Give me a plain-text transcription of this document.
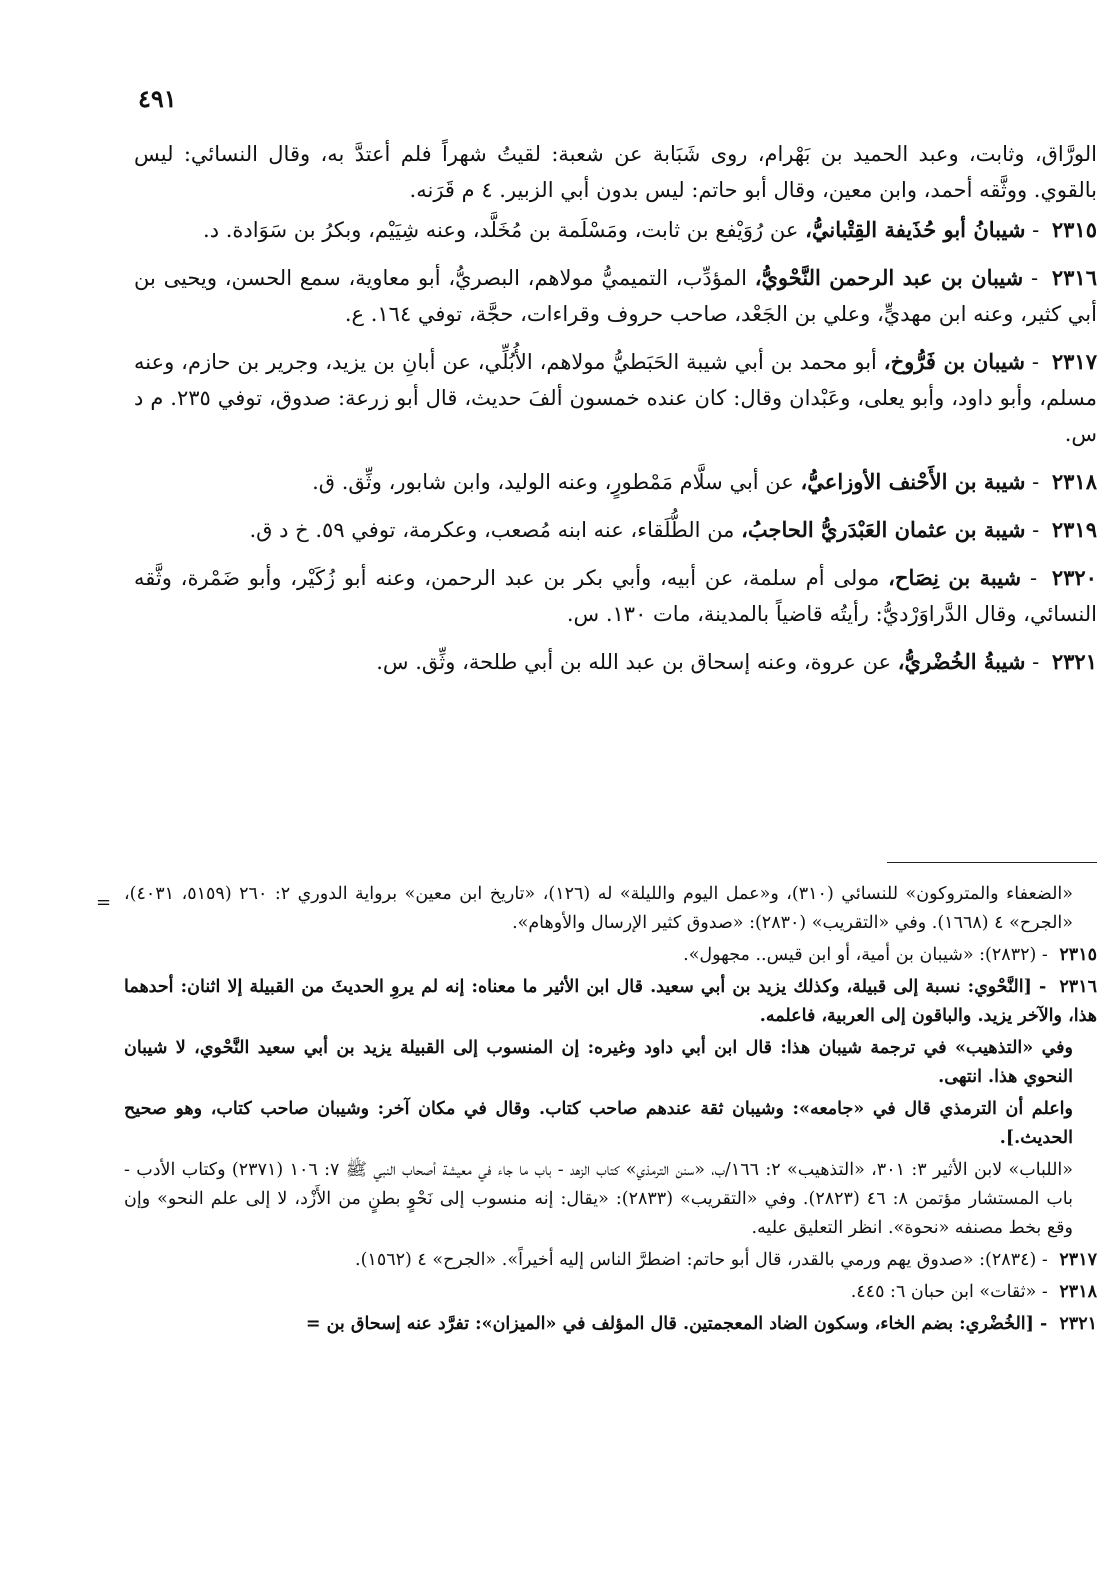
٤٩١

الورَّاق، وثابت، وعبد الحميد بن بَهْرام، روى شَبَابة عن شعبة: لقيتُ شهراً فلم أعتدَّ به، وقال النسائي: ليس بالقوي. ووثَّقه أحمد، وابن معين، وقال أبو حاتم: ليس بدون أبي الزبير. ٤ م قَرَنه.

٢٣١٥ - شيبانُ أبو حُذَيفة القِتْبانيُّ، عن رُوَيْفع بن ثابت، ومَسْلَمة بن مُخَلَّد، وعنه شِيَيْم، وبكرُ بن سَوَادة. د.

٢٣١٦ - شيبان بن عبد الرحمن النَّحْويُّ، المؤدِّب، التميميُّ مولاهم، البصريُّ، أبو معاوية، سمع الحسن، ويحيى بن أبي كثير، وعنه ابن مهديٍّ، وعلي بن الجَعْد، صاحب حروف وقراءات، حجَّة، توفي ١٦٤. ع.

٢٣١٧ - شيبان بن فَرُّوخ، أبو محمد بن أبي شيبة الحَبَطيُّ مولاهم، الأُبُلِّي، عن أبانِ بن يزيد، وجرير بن حازم، وعنه مسلم، وأبو داود، وأبو يعلى، وعَبْدان وقال: كان عنده خمسون ألفَ حديث، قال أبو زرعة: صدوق، توفي ٢٣٥. م د س.

٢٣١٨ - شيبة بن الأَحْنف الأوزاعيُّ، عن أبي سلَّام مَمْطورٍ، وعنه الوليد، وابن شابور، وثِّق. ق.

٢٣١٩ - شيبة بن عثمان العَبْدَريُّ الحاجبُ، من الطُّلَقاء، عنه ابنه مُصعب، وعكرمة، توفي ٥٩. خ د ق.

٢٣٢٠ - شيبة بن نِصَاح، مولى أم سلمة، عن أبيه، وأبي بكر بن عبد الرحمن، وعنه أبو زُكَيْر، وأبو ضَمْرة، وثَّقه النسائي، وقال الدَّراوَرْديُّ: رأيتُه قاضياً بالمدينة، مات ١٣٠. س.

٢٣٢١ - شيبةُ الخُضْريُّ، عن عروة، وعنه إسحاق بن عبد الله بن أبي طلحة، وثِّق. س.

= «الضعفاء والمتروكون» للنسائي (٣١٠)، و«عمل اليوم والليلة» له (١٢٦)، «تاريخ ابن معين» برواية الدوري ٢: ٢٦٠ (٥١٥٩، ٤٠٣١)، «الجرح» ٤ (١٦٦٨). وفي «التقريب» (٢٨٣٠): «صدوق كثير الإرسال والأوهام».

٢٣١٥ - (٢٨٣٢): «شيبان بن أمية، أو ابن قيس.. مجهول».

٢٣١٦ - [النَّحْوي: نسبة إلى قبيلة، وكذلك يزيد بن أبي سعيد. قال ابن الأثير ما معناه: إنه لم يروِ الحديثَ من القبيلة إلا اثنان: أحدهما هذا، والآخر يزيد. والباقون إلى العربية، فاعلمه.

وفي «التذهيب» في ترجمة شيبان هذا: قال ابن أبي داود وغيره: إن المنسوب إلى القبيلة يزيد بن أبي سعيد النَّحْوي، لا شيبان النحوي هذا. انتهى.

واعلم أن الترمذي قال في «جامعه»: وشيبان ثقة عندهم صاحب كتاب. وقال في مكان آخر: وشيبان صاحب كتاب، وهو صحيح الحديث.].

«اللباب» لابن الأثير ٣: ٣٠١، «التذهيب» ٢: ١٦٦/ب، «سنن الترمذي» كتاب الزهد - باب ما جاء في معيشة أصحاب النبي ﷺ ٧: ١٠٦ (٢٣٧١) وكتاب الأدب - باب المستشار مؤتمن ٨: ٤٦ (٢٨٢٣). وفي «التقريب» (٢٨٣٣): «يقال: إنه منسوب إلى نَحْوٍ بطنٍ من الأَزْد، لا إلى علم النحو» وإن وقع بخط مصنفه «نحوة». انظر التعليق عليه.

٢٣١٧ - (٢٨٣٤): «صدوق يهم ورمي بالقدر، قال أبو حاتم: اضطرَّ الناس إليه أخيراً». «الجرح» ٤ (١٥٦٢).

٢٣١٨ - «ثقات» ابن حبان ٦: ٤٤٥.

٢٣٢١ - [الخُضْري: بضم الخاء، وسكون الضاد المعجمتين. قال المؤلف في «الميزان»: تفرَّد عنه إسحاق بن =
